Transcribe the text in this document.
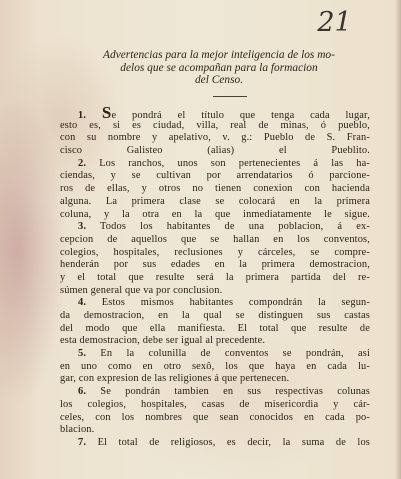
21
Advertencias para la mejor inteligencia de los mo-
delos que se acompañan para la formacion
del Censo.
1. Se pondrá el título que tenga cada lugar,
esto es, si es ciudad, villa, real de minas, ó pueblo,
con su nombre y apelativo, v. g.: Pueblo de S. Fran-
cisco Galisteo (alias) el Pueblito.
2. Los ranchos, unos son pertenecientes á las ha-
ciendas, y se cultivan por arrendatarios ó parcione-
ros de ellas, y otros no tienen conexion con hacienda
alguna. La primera clase se colocará en la primera
coluna, y la otra en la que inmediatamente le sigue.
3. Todos los habitantes de una poblacion, á ex-
cepcion de aquellos que se hallan en los conventos,
colegios, hospitales, reclusiones y cárceles, se compre-
henderán por sus edades en la primera demostracion,
y el total que resulte será la primera partida del re-
súmen general que va por conclusion.
4. Estos mismos habitantes compondrán la segun-
da demostracion, en la qual se distinguen sus castas
del modo que ella manifiesta. El total que resulte de
esta demostracion, debe ser igual al precedente.
5. En la colunilla de conventos se pondrán, asi
en uno como en otro sexô, los que haya en cada lu-
gar, con expresion de las religiones á que pertenecen.
6. Se pondrán tambien en sus respectivas colunas
los colegios, hospitales, casas de misericordia y cár-
celes, con los nombres que sean conocidos en cada po-
blacion.
7. El total de religiosos, es decir, la suma de los
